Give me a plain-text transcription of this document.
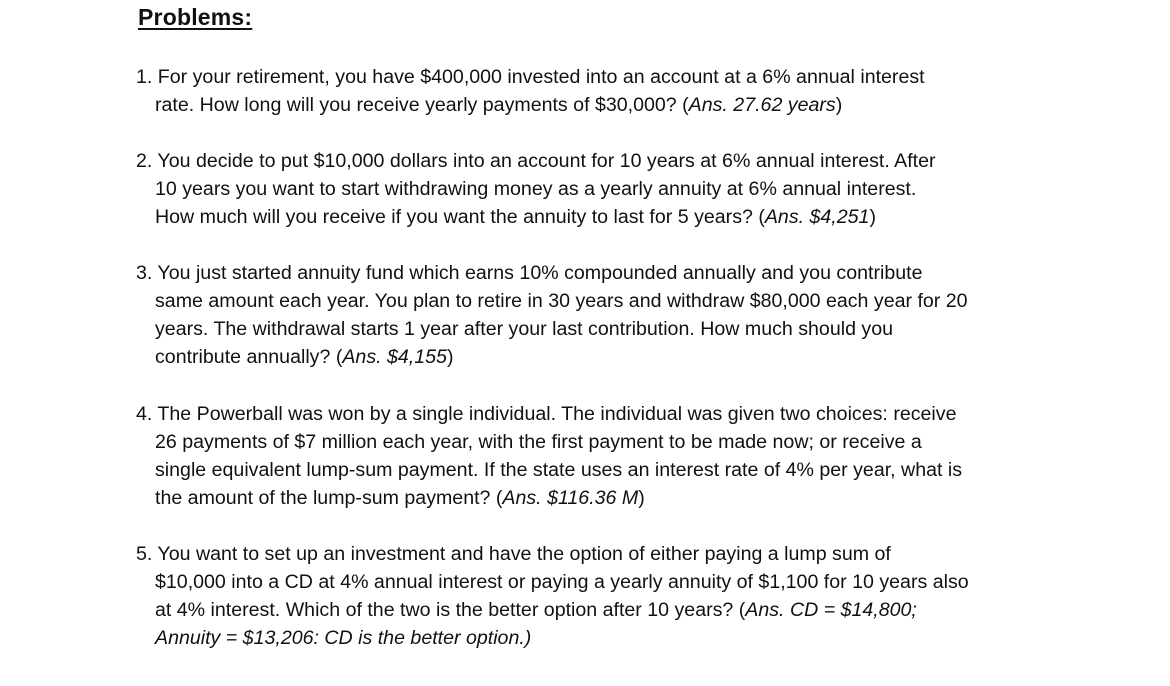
Problems:
1. For your retirement, you have $400,000 invested into an account at a 6% annual interest
rate. How long will you receive yearly payments of $30,000? (Ans. 27.62 years)
2. You decide to put $10,000 dollars into an account for 10 years at 6% annual interest. After
10 years you want to start withdrawing money as a yearly annuity at 6% annual interest.
How much will you receive if you want the annuity to last for 5 years? (Ans. $4,251)
3. You just started annuity fund which earns 10% compounded annually and you contribute
same amount each year. You plan to retire in 30 years and withdraw $80,000 each year for 20
years. The withdrawal starts 1 year after your last contribution. How much should you
contribute annually? (Ans. $4,155)
4. The Powerball was won by a single individual. The individual was given two choices: receive
26 payments of $7 million each year, with the first payment to be made now; or receive a
single equivalent lump-sum payment. If the state uses an interest rate of 4% per year, what is
the amount of the lump-sum payment? (Ans. $116.36 M)
5. You want to set up an investment and have the option of either paying a lump sum of
$10,000 into a CD at 4% annual interest or paying a yearly annuity of $1,100 for 10 years also
at 4% interest. Which of the two is the better option after 10 years? (Ans. CD = $14,800;
Annuity = $13,206: CD is the better option.)
